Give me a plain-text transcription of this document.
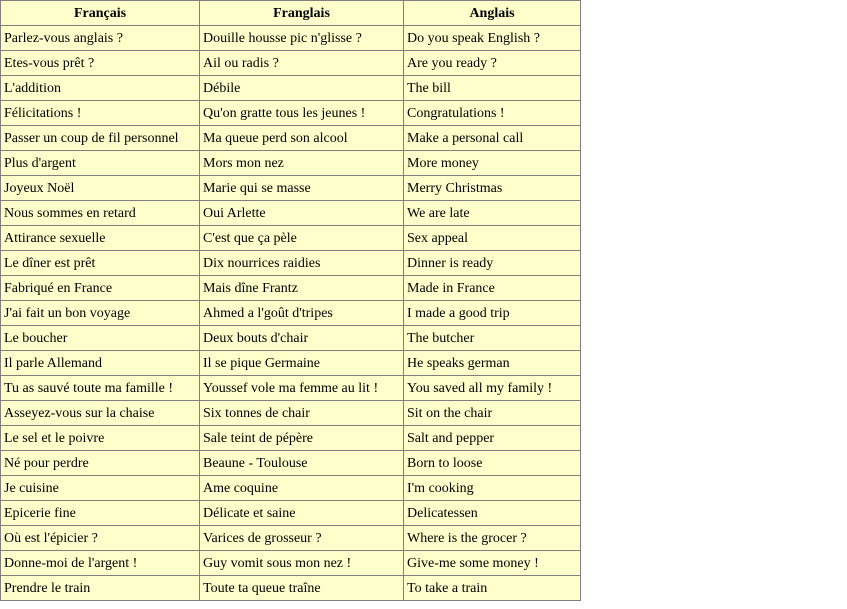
Français	Franglais	Anglais
Parlez-vous anglais ?	Douille housse pic n'glisse ?	Do you speak English ?
Etes-vous prêt ?	Ail ou radis ?	Are you ready ?
L'addition	Débile	The bill
Félicitations !	Qu'on gratte tous les jeunes !	Congratulations !
Passer un coup de fil personnel	Ma queue perd son alcool	Make a personal call
Plus d'argent	Mors mon nez	More money
Joyeux Noël	Marie qui se masse	Merry Christmas
Nous sommes en retard	Oui Arlette	We are late
Attirance sexuelle	C'est que ça pèle	Sex appeal
Le dîner est prêt	Dix nourrices raidies	Dinner is ready
Fabriqué en France	Mais dîne Frantz	Made in France
J'ai fait un bon voyage	Ahmed a l'goût d'tripes	I made a good trip
Le boucher	Deux bouts d'chair	The butcher
Il parle Allemand	Il se pique Germaine	He speaks german
Tu as sauvé toute ma famille !	Youssef vole ma femme au lit !	You saved all my family !
Asseyez-vous sur la chaise	Six tonnes de chair	Sit on the chair
Le sel et le poivre	Sale teint de pépère	Salt and pepper
Né pour perdre	Beaune - Toulouse	Born to loose
Je cuisine	Ame coquine	I'm cooking
Epicerie fine	Délicate et saine	Delicatessen
Où est l'épicier ?	Varices de grosseur ?	Where is the grocer ?
Donne-moi de l'argent !	Guy vomit sous mon nez !	Give-me some money !
Prendre le train	Toute ta queue traîne	To take a train
